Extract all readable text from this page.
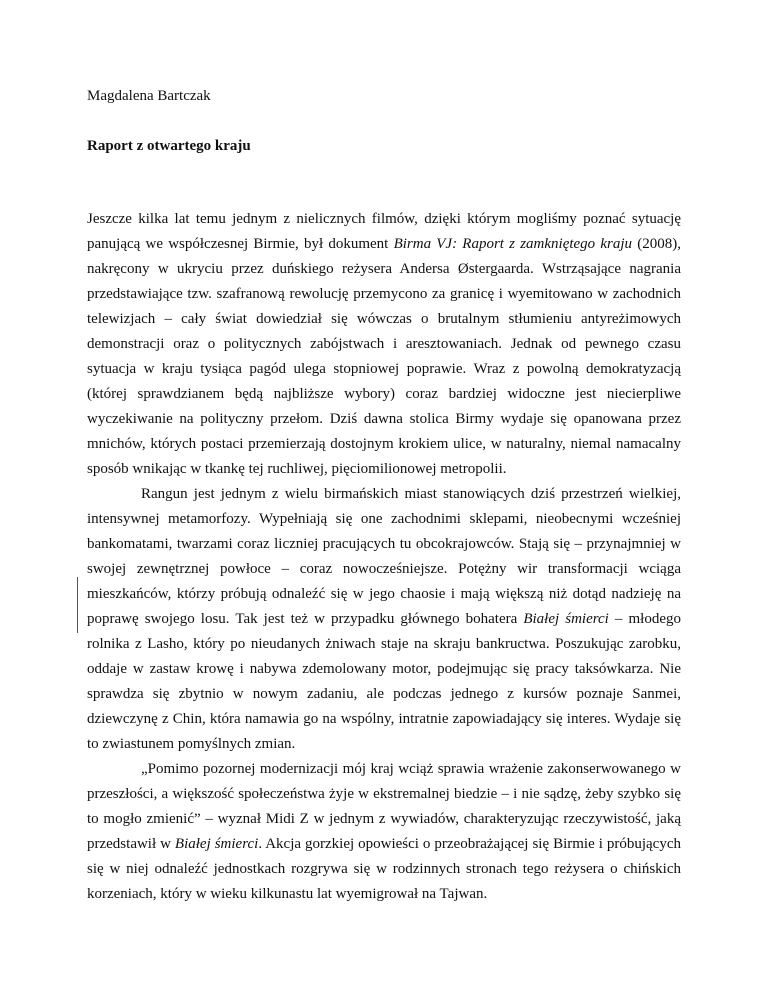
Magdalena Bartczak

Raport z otwartego kraju

Jeszcze kilka lat temu jednym z nielicznych filmów, dzięki którym mogliśmy poznać sytuację panującą we współczesnej Birmie, był dokument Birma VJ: Raport z zamkniętego kraju (2008), nakręcony w ukryciu przez duńskiego reżysera Andersa Østergaarda. Wstrząsające nagrania przedstawiające tzw. szafranową rewolucję przemycono za granicę i wyemitowano w zachodnich telewizjach – cały świat dowiedział się wówczas o brutalnym stłumieniu antyreżimowych demonstracji oraz o politycznych zabójstwach i aresztowaniach. Jednak od pewnego czasu sytuacja w kraju tysiąca pagód ulega stopniowej poprawie. Wraz z powolną demokratyzacją (której sprawdzianem będą najbliższe wybory) coraz bardziej widoczne jest niecierpliwe wyczekiwanie na polityczny przełom. Dziś dawna stolica Birmy wydaje się opanowana przez mnichów, których postaci przemierzają dostojnym krokiem ulice, w naturalny, niemal namacalny sposób wnikając w tkankę tej ruchliwej, pięciomilionowej metropolii.

Rangun jest jednym z wielu birmańskich miast stanowiących dziś przestrzeń wielkiej, intensywnej metamorfozy. Wypełniają się one zachodnimi sklepami, nieobecnymi wcześniej bankomatami, twarzami coraz liczniej pracujących tu obcokrajowców. Stają się – przynajmniej w swojej zewnętrznej powłoce – coraz nowocześniejsze. Potężny wir transformacji wciąga mieszkańców, którzy próbują odnaleźć się w jego chaosie i mają większą niż dotąd nadzieję na poprawę swojego losu. Tak jest też w przypadku głównego bohatera Białej śmierci – młodego rolnika z Lasho, który po nieudanych żniwach staje na skraju bankructwa. Poszukując zarobku, oddaje w zastaw krowę i nabywa zdemolowany motor, podejmując się pracy taksówkarza. Nie sprawdza się zbytnio w nowym zadaniu, ale podczas jednego z kursów poznaje Sanmei, dziewczynę z Chin, która namawia go na wspólny, intratnie zapowiadający się interes. Wydaje się to zwiastunem pomyślnych zmian.

„Pomimo pozornej modernizacji mój kraj wciąż sprawia wrażenie zakonserwowanego w przeszłości, a większość społeczeństwa żyje w ekstremalnej biedzie – i nie sądzę, żeby szybko się to mogło zmienić” – wyznał Midi Z w jednym z wywiadów, charakteryzując rzeczywistość, jaką przedstawił w Białej śmierci. Akcja gorzkiej opowieści o przeobrażającej się Birmie i próbujących się w niej odnaleźć jednostkach rozgrywa się w rodzinnych stronach tego reżysera o chińskich korzeniach, który w wieku kilkunastu lat wyemigrował na Tajwan.
